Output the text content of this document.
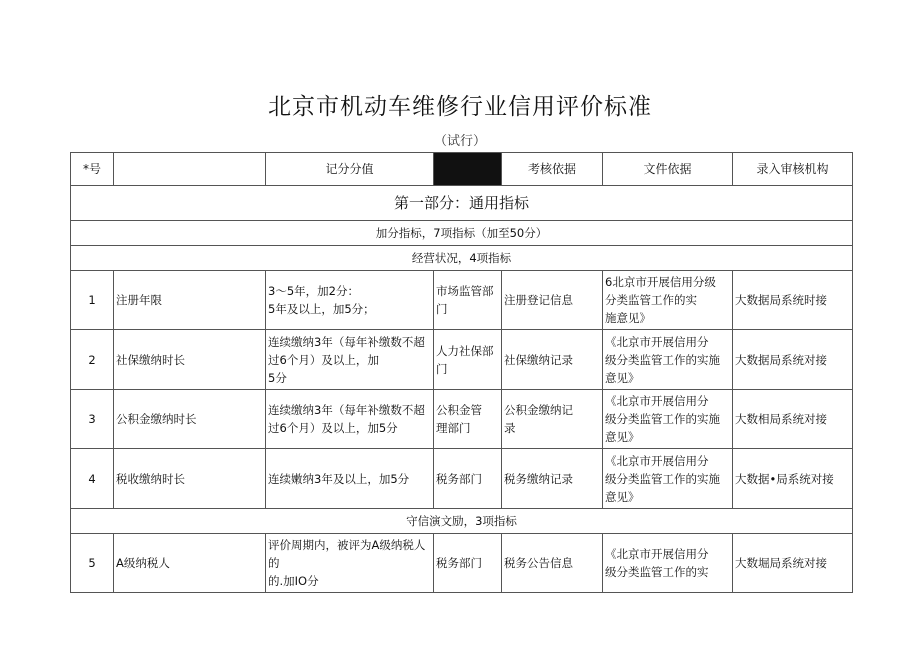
北京市机动车维修行业信用评价标准
（试行）
*号		记分分值		考核依据	文件依据	录入审核机构
第一部分：通用指标						
加分指标，7项指标（加至50分）						
经营状况，4项指标						
1	注册年限	3～5年，加2分：
5年及以上，加5分；	市场监管部
门	注册登记信息	6北京市开展信用分级
分类监管工作的实
施意见》	大数据局系统时接
2	社保缴纳时长	连续缴纳3年（每年补缴数不超
过6个月）及以上，加
5分	人力社保部
门	社保缴纳记录	《北京市开展信用分
级分类监管工作的实施
意见》	大数据局系统对接
3	公积金缴纳时长	连续缴纳3年（每年补缴数不超
过6个月）及以上，加5分	公积金管
理部门	公积金缴纳记
录	《北京市开展信用分
级分类监管工作的实施
意见》	大数相局系统对接
4	税收缴纳时长	连续嫩纳3年及以上，加5分	税务部门	税务缴纳记录	《北京市开展信用分
级分类监管工作的实施
意见》	大数据•局系统对接
守信演文励，3项指标						
5	A级纳税人	评价周期内，被评为A级纳税人的
的.加IO分	税务部门	税务公告信息	《北京市开展信用分
级分类监管工作的实	大数堀局系统对接
